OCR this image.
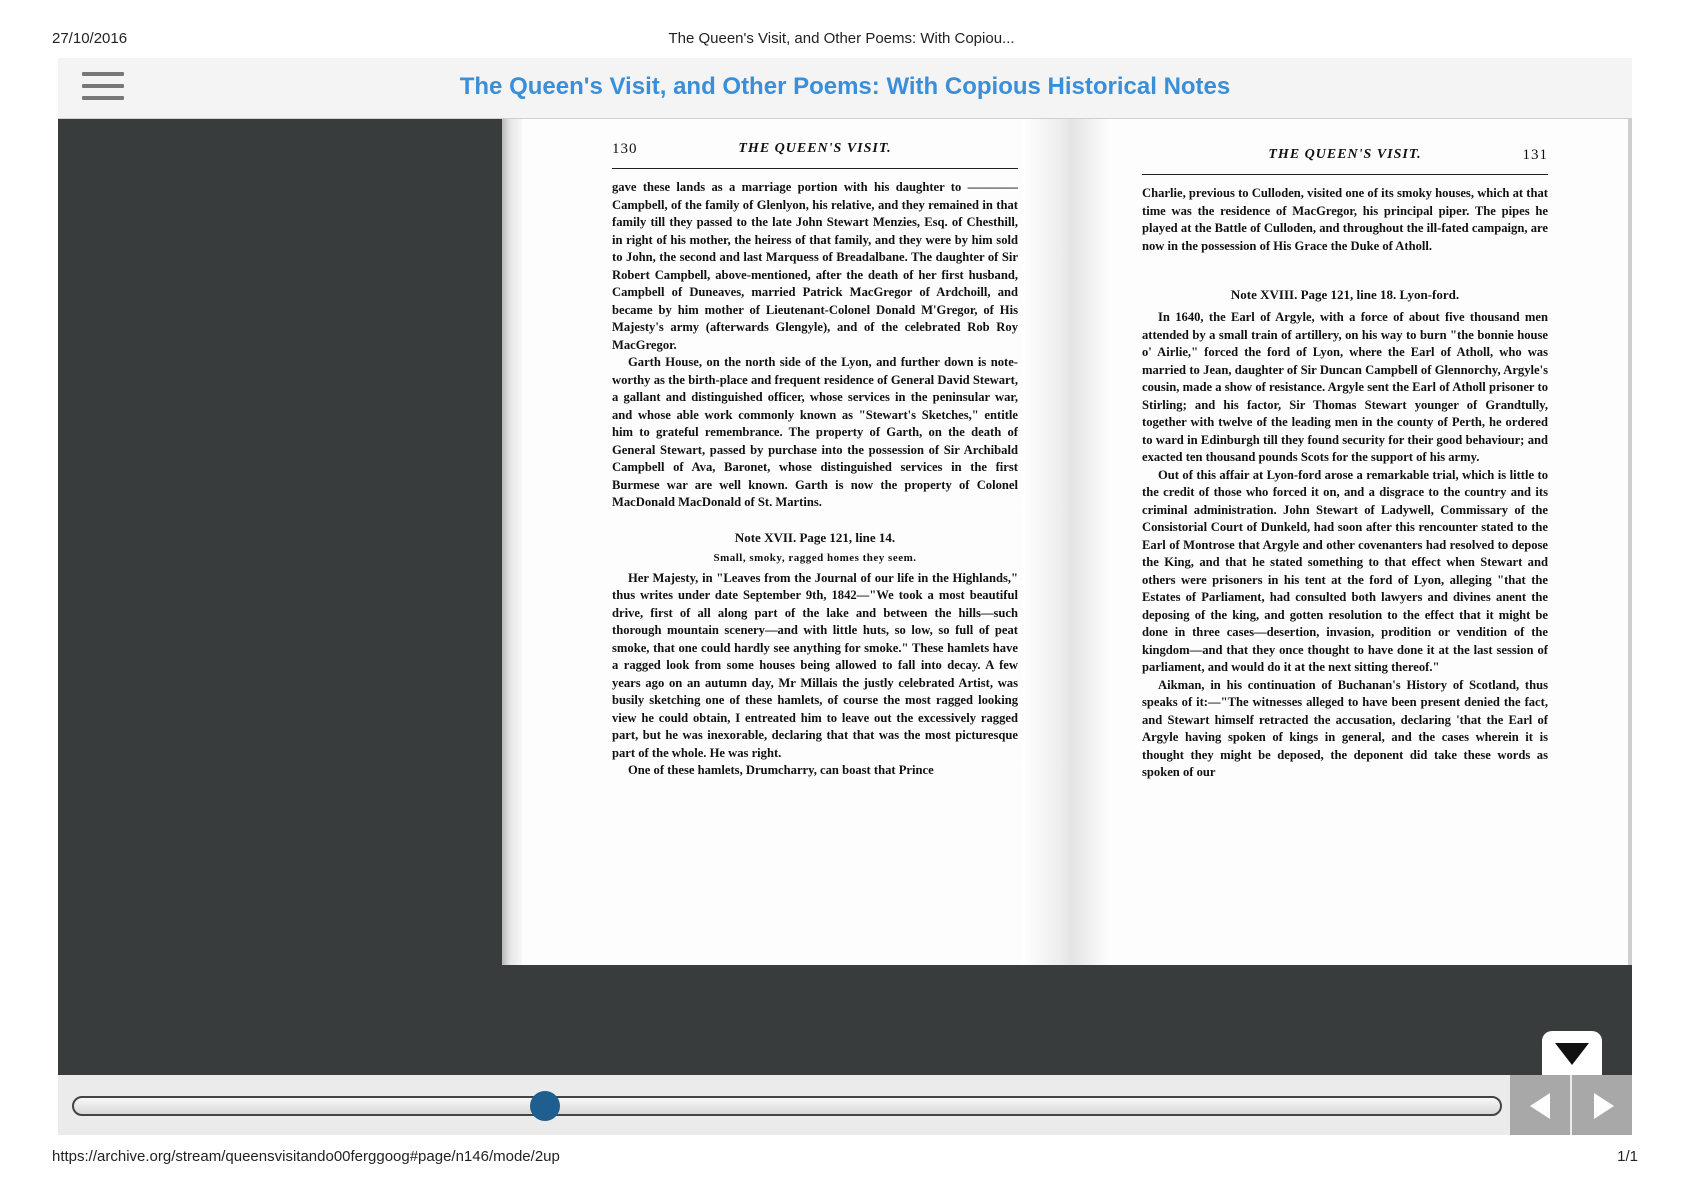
27/10/2016	The Queen's Visit, and Other Poems: With Copiou...
The Queen's Visit, and Other Poems: With Copious Historical Notes
130	THE QUEEN'S VISIT.

gave these lands as a marriage portion with his daughter to ———— Campbell, of the family of Glenlyon, his relative, and they remained in that family till they passed to the late John Stewart Menzies, Esq. of Chesthill, in right of his mother, the heiress of that family, and they were by him sold to John, the second and last Marquess of Breadalbane. The daughter of Sir Robert Campbell, above-mentioned, after the death of her first husband, Campbell of Duneaves, married Patrick MacGregor of Ardchoill, and became by him mother of Lieutenant-Colonel Donald M'Gregor, of His Majesty's army (afterwards Glengyle), and of the celebrated Rob Roy MacGregor.

Garth House, on the north side of the Lyon, and further down is note-worthy as the birth-place and frequent residence of General David Stewart, a gallant and distinguished officer, whose services in the peninsular war, and whose able work commonly known as "Stewart's Sketches," entitle him to grateful remembrance. The property of Garth, on the death of General Stewart, passed by purchase into the possession of Sir Archibald Campbell of Ava, Baronet, whose distinguished services in the first Burmese war are well known. Garth is now the property of Colonel MacDonald MacDonald of St. Martins.

Note XVII. Page 121, line 14.
Small, smoky, ragged homes they seem.

Her Majesty, in "Leaves from the Journal of our life in the Highlands," thus writes under date September 9th, 1842—"We took a most beautiful drive, first of all along part of the lake and between the hills—such thorough mountain scenery—and with little huts, so low, so full of peat smoke, that one could hardly see anything for smoke." These hamlets have a ragged look from some houses being allowed to fall into decay. A few years ago on an autumn day, Mr Millais the justly celebrated Artist, was busily sketching one of these hamlets, of course the most ragged looking view he could obtain, I entreated him to leave out the excessively ragged part, but he was inexorable, declaring that that was the most picturesque part of the whole. He was right.

One of these hamlets, Drumcharry, can boast that Prince

THE QUEEN'S VISIT.	131

Charlie, previous to Culloden, visited one of its smoky houses, which at that time was the residence of MacGregor, his principal piper. The pipes he played at the Battle of Culloden, and throughout the ill-fated campaign, are now in the possession of His Grace the Duke of Atholl.

Note XVIII. Page 121, line 18. Lyon-ford.

In 1640, the Earl of Argyle, with a force of about five thousand men attended by a small train of artillery, on his way to burn "the bonnie house o' Airlie," forced the ford of Lyon, where the Earl of Atholl, who was married to Jean, daughter of Sir Duncan Campbell of Glennorchy, Argyle's cousin, made a show of resistance. Argyle sent the Earl of Atholl prisoner to Stirling; and his factor, Sir Thomas Stewart younger of Grandtully, together with twelve of the leading men in the county of Perth, he ordered to ward in Edinburgh till they found security for their good behaviour; and exacted ten thousand pounds Scots for the support of his army.

Out of this affair at Lyon-ford arose a remarkable trial, which is little to the credit of those who forced it on, and a disgrace to the country and its criminal administration. John Stewart of Ladywell, Commissary of the Consistorial Court of Dunkeld, had soon after this rencounter stated to the Earl of Montrose that Argyle and other covenanters had resolved to depose the King, and that he stated something to that effect when Stewart and others were prisoners in his tent at the ford of Lyon, alleging "that the Estates of Parliament, had consulted both lawyers and divines anent the deposing of the king, and gotten resolution to the effect that it might be done in three cases—desertion, invasion, prodition or vendition of the kingdom—and that they once thought to have done it at the last session of parliament, and would do it at the next sitting thereof."

Aikman, in his continuation of Buchanan's History of Scotland, thus speaks of it:—"The witnesses alleged to have been present denied the fact, and Stewart himself retracted the accusation, declaring 'that the Earl of Argyle having spoken of kings in general, and the cases wherein it is thought they might be deposed, the deponent did take these words as spoken of our

https://archive.org/stream/queensvisitando00ferggoog#page/n146/mode/2up	1/1
